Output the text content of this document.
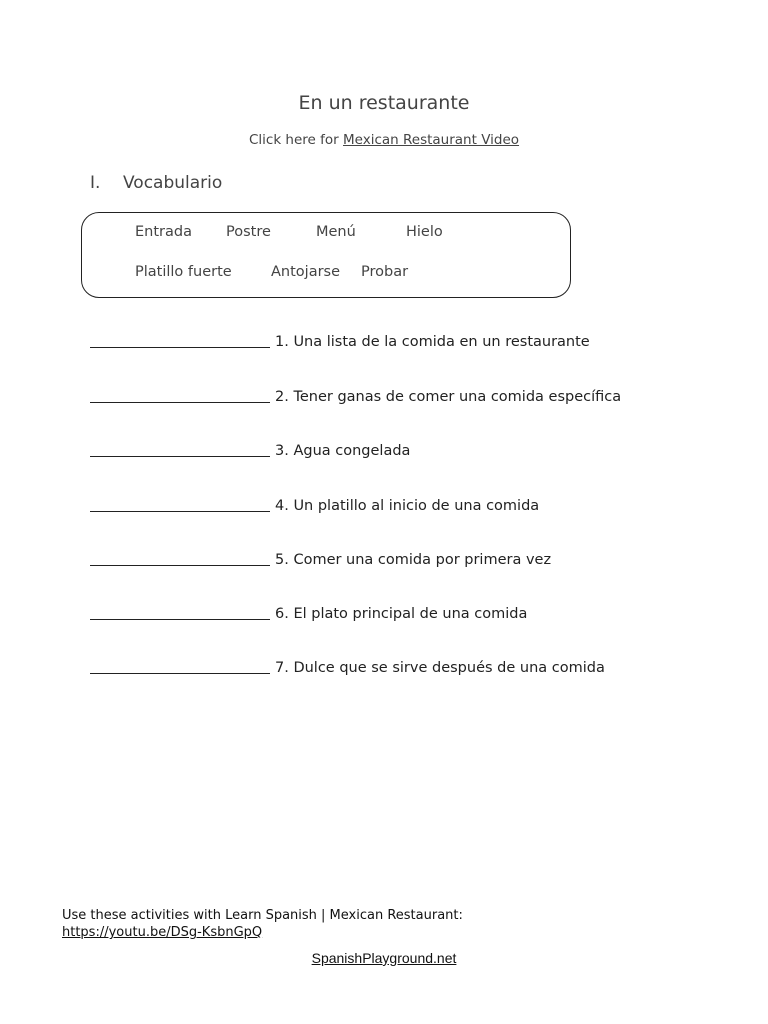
En un restaurante
Click here for Mexican Restaurant Video
I. Vocabulario
Entrada Postre	Menú	Hielo
Platillo fuerte	Antojarse Probar
1. Una lista de la comida en un restaurante
2. Tener ganas de comer una comida específica
3. Agua congelada
4. Un platillo al inicio de una comida
5. Comer una comida por primera vez
6. El plato principal de una comida
7. Dulce que se sirve después de una comida
Use these activities with Learn Spanish | Mexican Restaurant:
https://youtu.be/DSg-KsbnGpQ
SpanishPlayground.net
